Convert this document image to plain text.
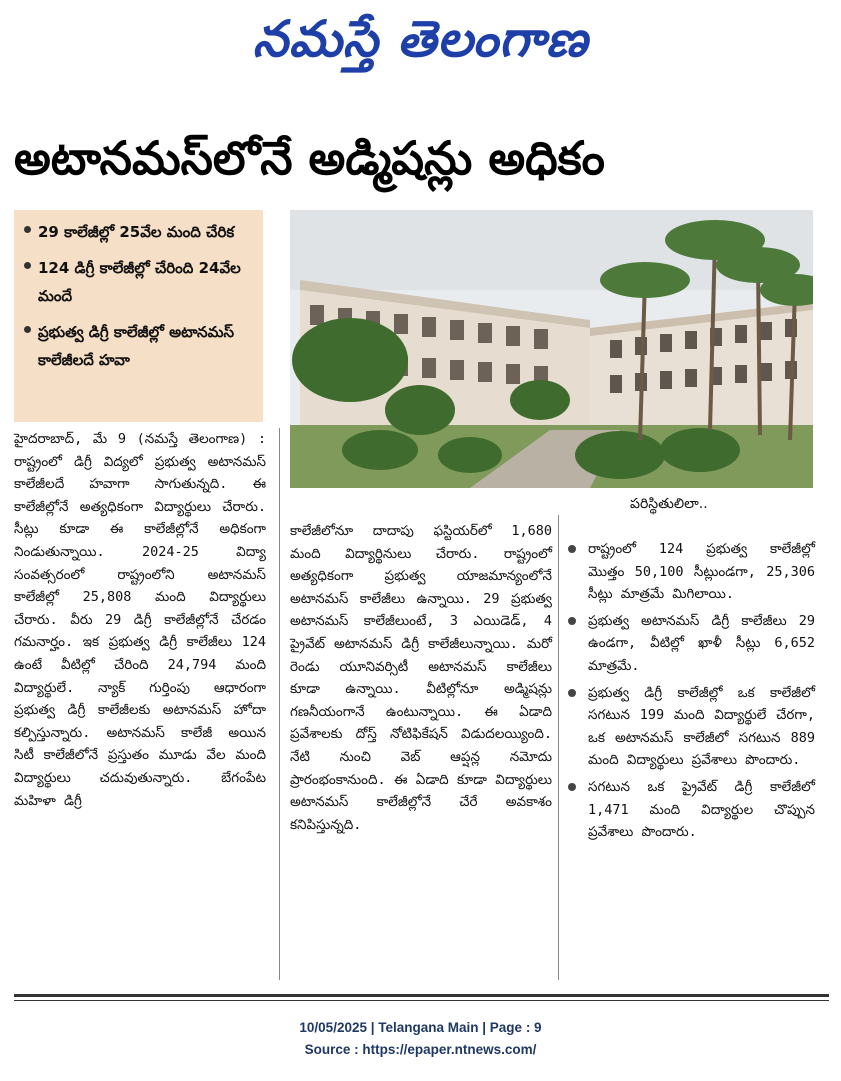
నమస్తే తెలంగాణ
అటానమస్‌లోనే అడ్మిషన్లు అధికం
29 కాలేజీల్లో 25వేల మంది చేరిక
124 డిగ్రీ కాలేజీల్లో చేరింది 24వేల మందే
ప్రభుత్వ డిగ్రీ కాలేజీల్లో అటానమస్‌ కాలేజీలదే హవా
పరిస్థితులిలా..
హైదరాబాద్‌, మే 9 (నమస్తే తెలంగాణ) : రాష్ట్రంలో డిగ్రీ విద్యలో ప్రభుత్వ అటానమస్‌ కాలేజీలదే హవాగా సాగుతున్నది. ఈ కాలేజీల్లోనే అత్యధికంగా విద్యార్థులు చేరారు. సీట్లు కూడా ఈ కాలేజీల్లోనే అధికంగా నిండుతున్నాయి. 2024-25 విద్యా సంవత్సరంలో రాష్ట్రంలోని అటానమస్‌ కాలేజీల్లో 25,808 మంది విద్యార్థులు చేరారు. వీరు 29 డిగ్రీ కాలేజీల్లోనే చేరడం గమనార్హం. ఇక ప్రభుత్వ డిగ్రీ కాలేజీలు 124 ఉంటే వీటిల్లో చేరింది 24,794 మంది విద్యార్థులే. న్యాక్‌ గుర్తింపు ఆధారంగా ప్రభుత్వ డిగ్రీ కాలేజీలకు అటానమస్‌ హోదా కల్పిస్తున్నారు. అటానమస్‌ కాలేజీ అయిన సిటీ కాలేజీలోనే ప్రస్తుతం మూడు వేల మంది విద్యార్థులు చదువుతున్నారు. బేగంపేట మహిళా డిగ్రీ
కాలేజీలోనూ దాదాపు ఫస్టియర్‌లో 1,680 మంది విద్యార్థినులు చేరారు. రాష్ట్రంలో అత్యధికంగా ప్రభుత్వ యాజమాన్యంలోనే అటానమస్‌ కాలేజీలు ఉన్నాయి. 29 ప్రభుత్వ అటానమస్‌ కాలేజీలుంటే, 3 ఎయిడెడ్‌, 4 ప్రైవేట్‌ అటానమస్‌ డిగ్రీ కాలేజీలున్నాయి. మరో రెండు యూనివర్సిటీ అటానమస్‌ కాలేజీలు కూడా ఉన్నాయి. వీటిల్లోనూ అడ్మిషన్లు గణనీయంగానే ఉంటున్నాయి. ఈ ఏడాది ప్రవేశాలకు దోస్త్‌ నోటిఫికేషన్‌ విడుదలయ్యింది. నేటి నుంచి వెబ్‌ ఆప్షన్ల నమోదు ప్రారంభంకానుంది. ఈ ఏడాది కూడా విద్యార్థులు అటానమస్‌ కాలేజీల్లోనే చేరే అవకాశం కనిపిస్తున్నది.
రాష్ట్రంలో 124 ప్రభుత్వ కాలేజీల్లో మొత్తం 50,100 సీట్లుండగా, 25,306 సీట్లు మాత్రమే మిగిలాయి.
ప్రభుత్వ అటానమస్‌ డిగ్రీ కాలేజీలు 29 ఉండగా, వీటిల్లో ఖాళీ సీట్లు 6,652 మాత్రమే.
ప్రభుత్వ డిగ్రీ కాలేజీల్లో ఒక కాలేజీలో సగటున 199 మంది విద్యార్థులే చేరగా, ఒక అటానమస్‌ కాలేజీలో సగటున 889 మంది విద్యార్థులు ప్రవేశాలు పొందారు.
సగటున ఒక ప్రైవేట్‌ డిగ్రీ కాలేజీలో 1,471 మంది విద్యార్థుల చొప్పున ప్రవేశాలు పొందారు.
10/05/2025 | Telangana Main | Page : 9
Source : https://epaper.ntnews.com/
